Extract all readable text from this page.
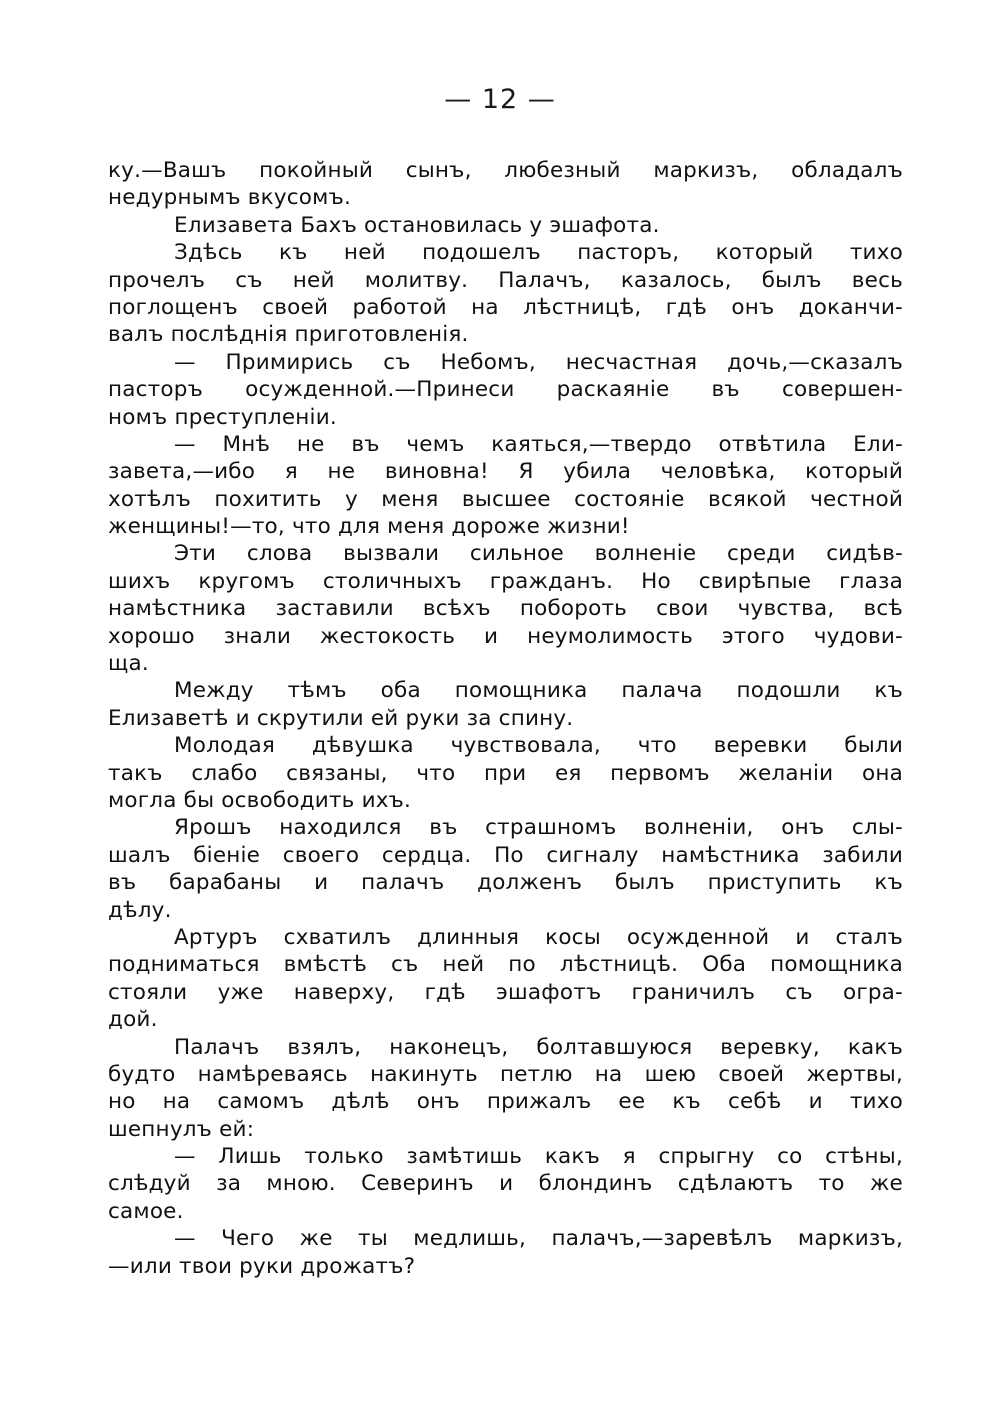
— 12 —
ку.—Вашъ покойный сынъ, любезный маркизъ, обладалъ
недурнымъ вкусомъ.
Елизавета Бахъ остановилась у эшафота.
Здѣсь къ ней подошелъ пасторъ, который тихо
прочелъ съ ней молитву. Палачъ, казалось, былъ весь
поглощенъ своей работой на лѣстницѣ, гдѣ онъ доканчи-
валъ послѣднія приготовленія.
— Примирись съ Небомъ, несчастная дочь,—сказалъ
пасторъ осужденной.—Принеси раскаяніе въ совершен-
номъ преступленіи.
— Мнѣ не въ чемъ каяться,—твердо отвѣтила Ели-
завета,—ибо я не виновна! Я убила человѣка, который
хотѣлъ похитить у меня высшее состояніе всякой честной
женщины!—то, что для меня дороже жизни!
Эти слова вызвали сильное волненіе среди сидѣв-
шихъ кругомъ столичныхъ гражданъ. Но свирѣпые глаза
намѣстника заставили всѣхъ побороть свои чувства, всѣ
хорошо знали жестокость и неумолимость этого чудови-
ща.
Между тѣмъ оба помощника палача подошли къ
Елизаветѣ и скрутили ей руки за спину.
Молодая дѣвушка чувствовала, что веревки были
такъ слабо связаны, что при ея первомъ желаніи она
могла бы освободить ихъ.
Ярошъ находился въ страшномъ волненіи, онъ слы-
шалъ біеніе своего сердца. По сигналу намѣстника забили
въ барабаны и палачъ долженъ былъ приступить къ
дѣлу.
Артуръ схватилъ длинныя косы осужденной и сталъ
подниматься вмѣстѣ съ ней по лѣстницѣ. Оба помощника
стояли уже наверху, гдѣ эшафотъ граничилъ съ огра-
дой.
Палачъ взялъ, наконецъ, болтавшуюся веревку, какъ
будто намѣреваясь накинуть петлю на шею своей жертвы,
но на самомъ дѣлѣ онъ прижалъ ее къ себѣ и тихо
шепнулъ ей:
— Лишь только замѣтишь какъ я спрыгну со стѣны,
слѣдуй за мною. Северинъ и блондинъ сдѣлаютъ то же
самое.
— Чего же ты медлишь, палачъ,—заревѣлъ маркизъ,
—или твои руки дрожатъ?
